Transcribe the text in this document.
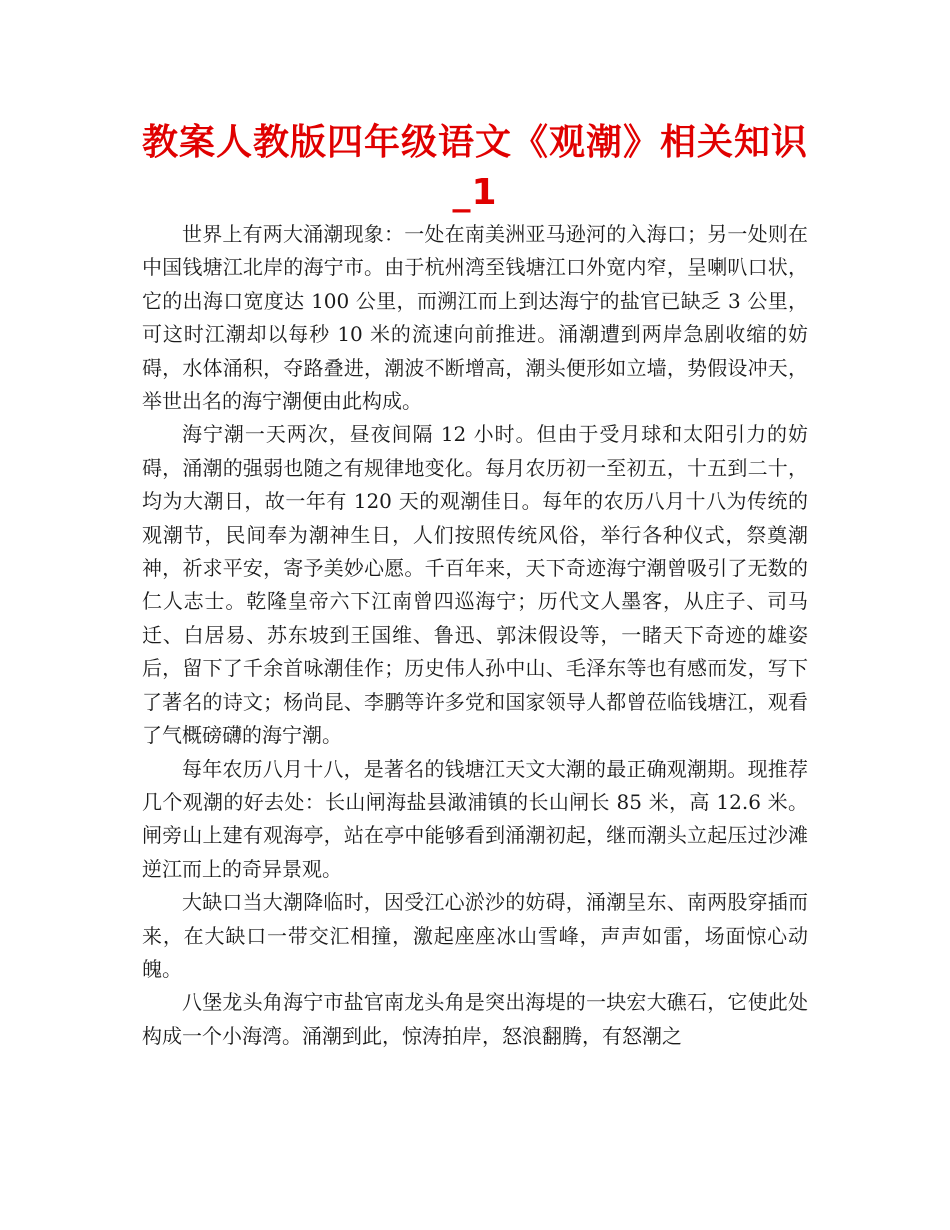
教案人教版四年级语文《观潮》相关知识_1

世界上有两大涌潮现象：一处在南美洲亚马逊河的入海口；另一处则在中国钱塘江北岸的海宁市。由于杭州湾至钱塘江口外宽内窄，呈喇叭口状，它的出海口宽度达 100 公里，而溯江而上到达海宁的盐官已缺乏 3 公里，可这时江潮却以每秒 10 米的流速向前推进。涌潮遭到两岸急剧收缩的妨碍，水体涌积，夺路叠进，潮波不断增高，潮头便形如立墙，势假设冲天，举世出名的海宁潮便由此构成。

海宁潮一天两次，昼夜间隔 12 小时。但由于受月球和太阳引力的妨碍，涌潮的强弱也随之有规律地变化。每月农历初一至初五，十五到二十，均为大潮日，故一年有 120 天的观潮佳日。每年的农历八月十八为传统的观潮节，民间奉为潮神生日，人们按照传统风俗，举行各种仪式，祭奠潮神，祈求平安，寄予美妙心愿。千百年来，天下奇迹海宁潮曾吸引了无数的仁人志士。乾隆皇帝六下江南曾四巡海宁；历代文人墨客，从庄子、司马迁、白居易、苏东坡到王国维、鲁迅、郭沫假设等，一睹天下奇迹的雄姿后，留下了千余首咏潮佳作；历史伟人孙中山、毛泽东等也有感而发，写下了著名的诗文；杨尚昆、李鹏等许多党和国家领导人都曾莅临钱塘江，观看了气概磅礴的海宁潮。

每年农历八月十八，是著名的钱塘江天文大潮的最正确观潮期。现推荐几个观潮的好去处：长山闸海盐县澉浦镇的长山闸长 85 米，高 12.6 米。闸旁山上建有观海亭，站在亭中能够看到涌潮初起，继而潮头立起压过沙滩逆江而上的奇异景观。

大缺口当大潮降临时，因受江心淤沙的妨碍，涌潮呈东、南两股穿插而来，在大缺口一带交汇相撞，激起座座冰山雪峰，声声如雷，场面惊心动魄。

八堡龙头角海宁市盐官南龙头角是突出海堤的一块宏大礁石，它使此处构成一个小海湾。涌潮到此，惊涛拍岸，怒浪翻腾，有怒潮之
